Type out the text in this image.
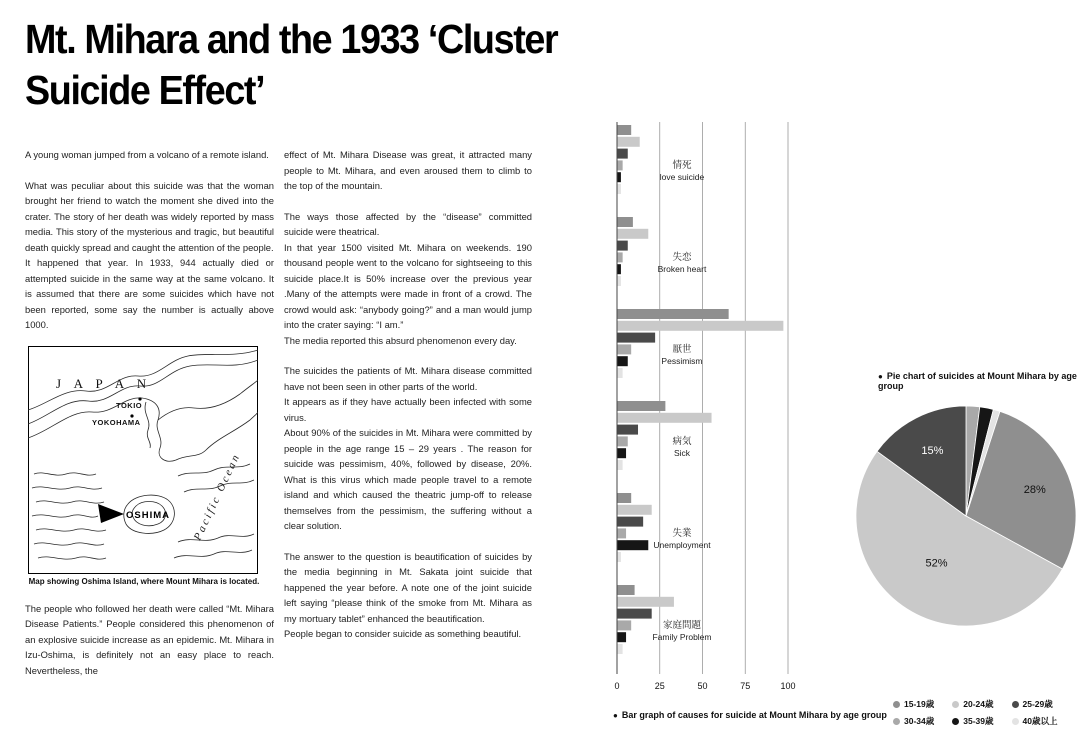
Mt. Mihara and the 1933 ‘Cluster
Suicide Effect’

A young woman jumped from a volcano of a remote island.

What was peculiar about this suicide was that the woman brought her friend to watch the moment she dived into the crater. The story of her death was widely reported by mass media. This story of the mysterious and tragic, but beautiful death quickly spread and caught the attention of the people.

It happened that year. In 1933, 944 actually died or attempted suicide in the same way at the same volcano. It is assumed that there are some suicides which have not been reported, some say the number is actually above 1000.

J A P A N
TOKIO
YOKOHAMA
OSHIMA Pacific Ocean
Map showing Oshima Island, where Mount Mihara is located.

The people who followed her death were called “Mt. Mihara Disease Patients.” People considered this phenomenon of an explosive suicide increase as an epidemic. Mt. Mihara in Izu-Oshima, is definitely not an easy place to reach. Nevertheless, the

effect of Mt. Mihara Disease was great, it attracted many people to Mt. Mihara, and even aroused them to climb to the top of the mountain.

The ways those affected by the “disease” committed suicide were theatrical.

In that year 1500 visited Mt. Mihara on weekends. 190 thousand people went to the volcano for sightseeing to this suicide place.It is 50% increase over the previous year .Many of the attempts were made in front of a crowd. The crowd would ask: “anybody going?” and a man would jump into the crater saying: “I am.”

The media reported this absurd phenomenon every day.

The suicides the patients of Mt. Mihara disease committed have not been seen in other parts of the world.

It appears as if they have actually been infected with some virus.

About 90% of the suicides in Mt. Mihara were committed by people in the age range 15 – 29 years . The reason for suicide was pessimism, 40%, followed by disease, 20%. What is this virus which made people travel to a remote island and which caused the theatric jump-off to release themselves from the pessimism, the suffering without a clear solution.

The answer to the question is beautification of suicides by the media beginning in Mt. Sakata joint suicide that happened the year before. A note one of the joint suicide left saying “please think of the smoke from Mt. Mihara as my mortuary tablet” enhanced the beautification.

People began to consider suicide as something beautiful.

0	25	50	75	100
情死
love suicide
失恋
Broken heart
厭世
Pessimism
病気
Sick
失業
Unemployment
家庭問題
Family Problem
● Pie chart of suicides at Mount Mihara by age group
28%
52%
15%
● Bar graph of causes for suicide at Mount Mihara by age group
15-19歳	20-24歳	25-29歳
30-34歳	35-39歳	40歳以上
